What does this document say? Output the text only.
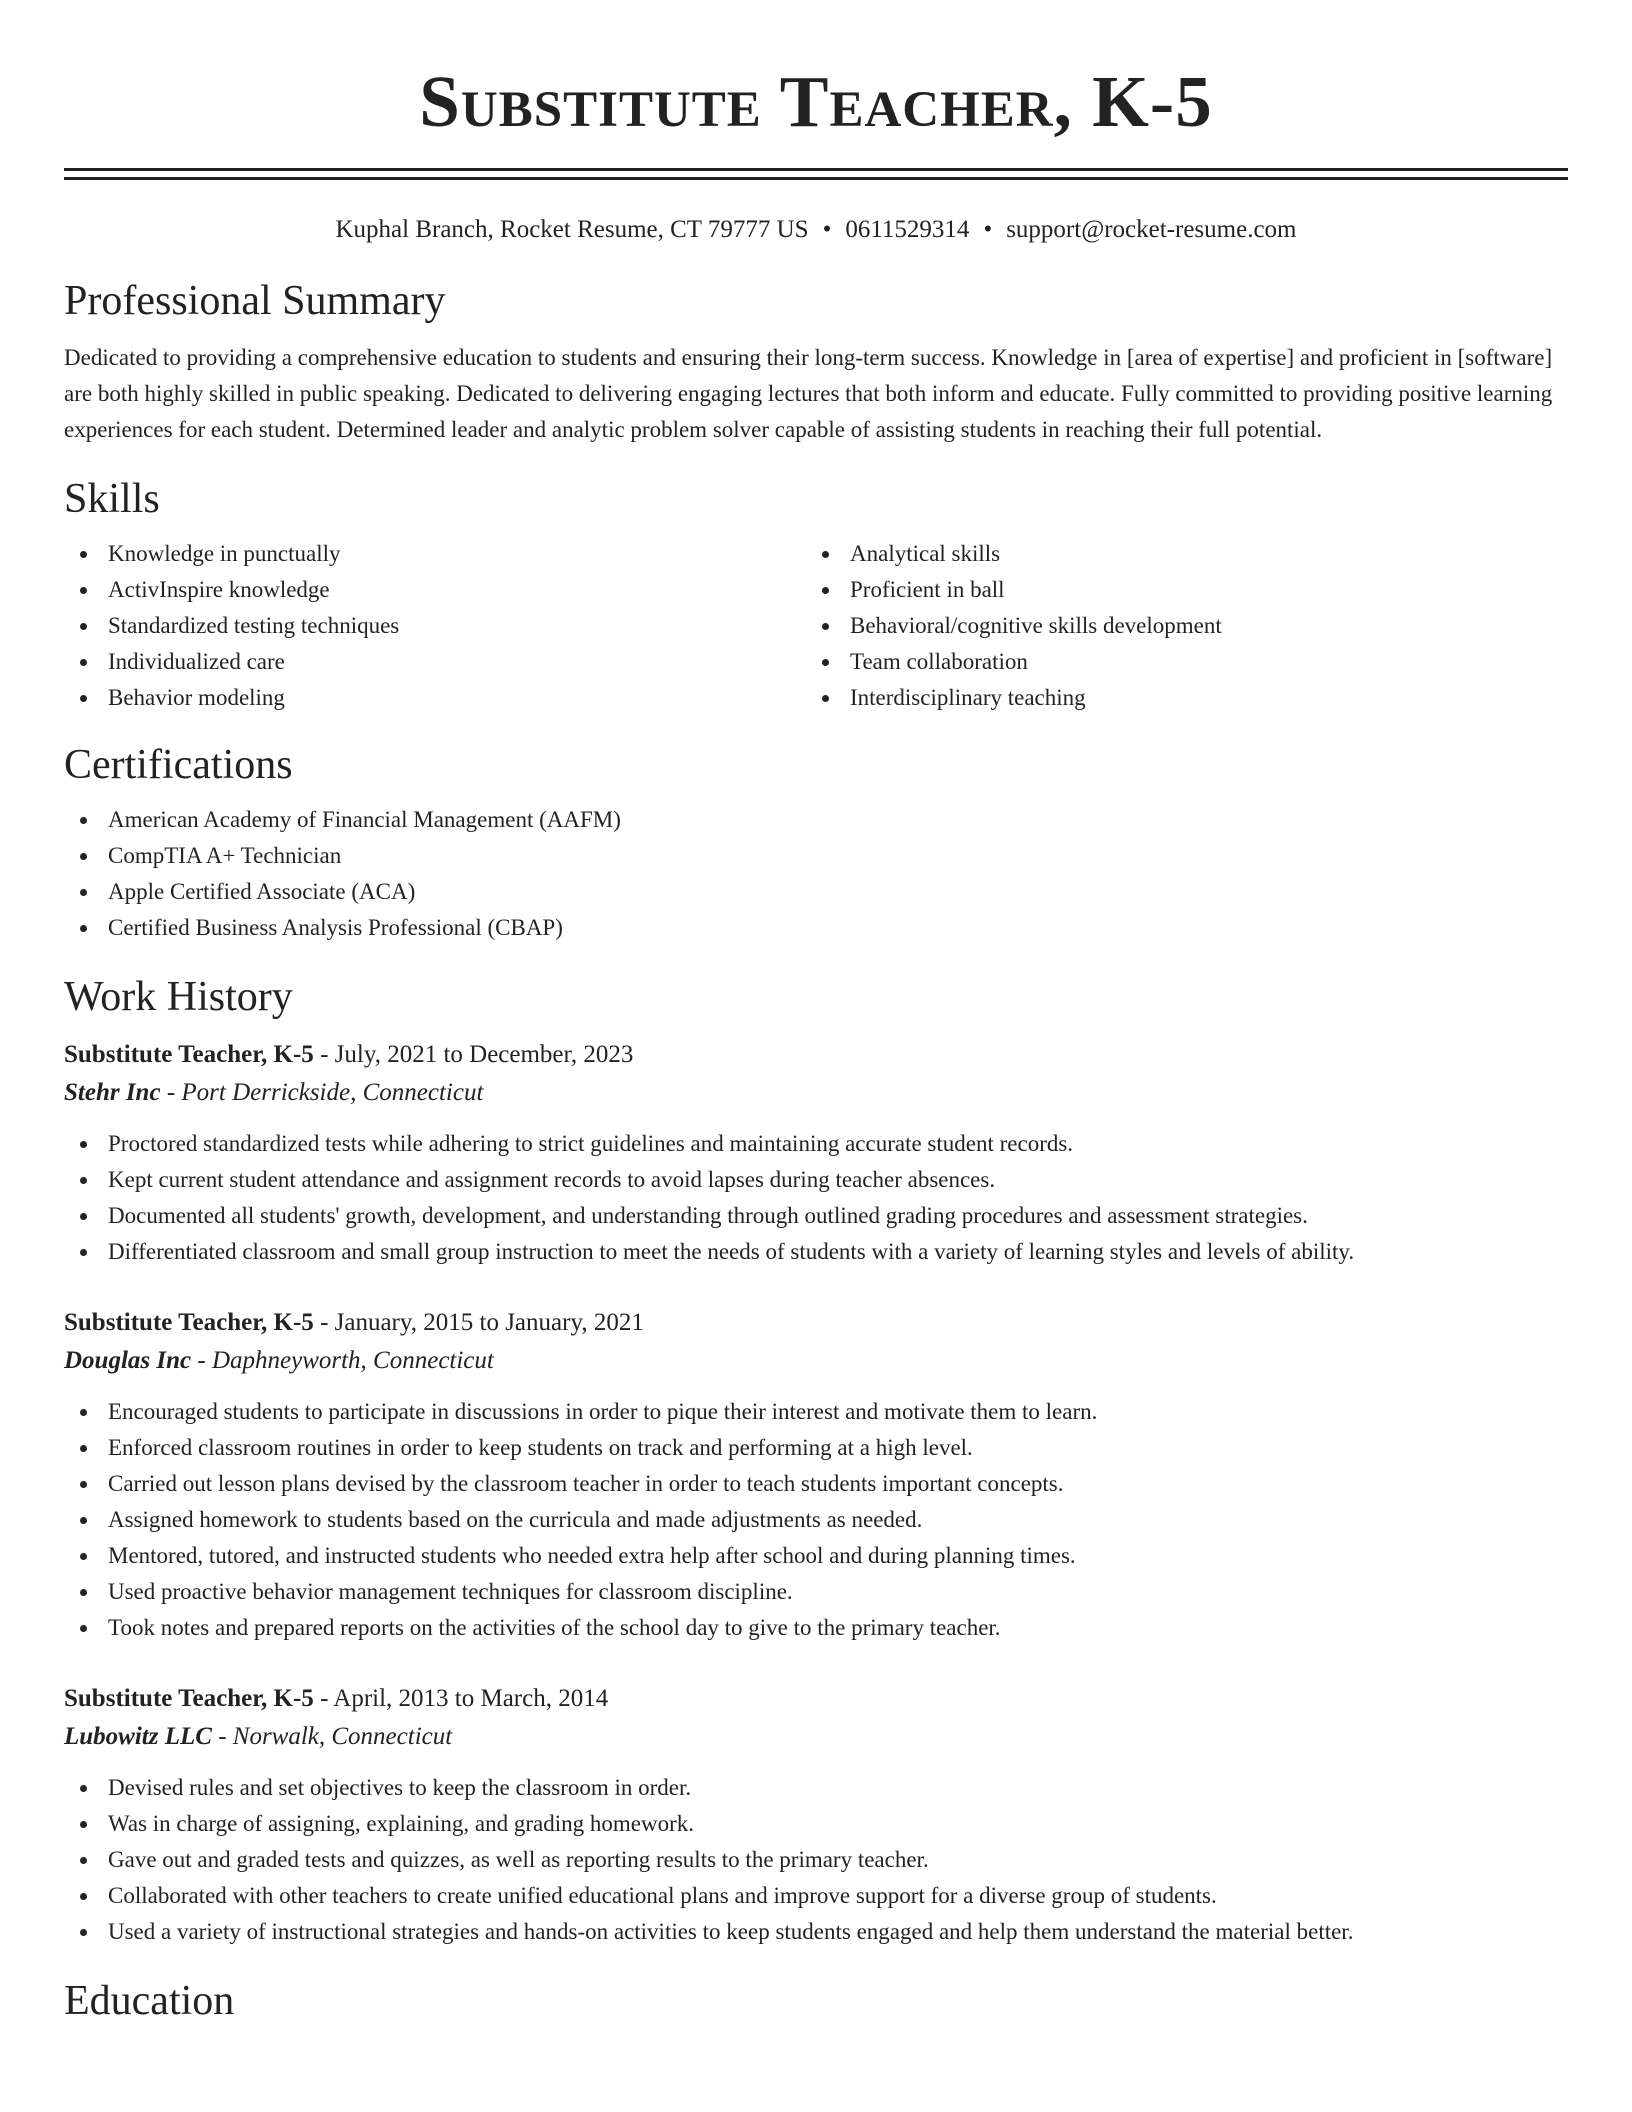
Substitute Teacher, K-5
Kuphal Branch, Rocket Resume, CT 79777 US • 0611529314 • support@rocket-resume.com
Professional Summary
Dedicated to providing a comprehensive education to students and ensuring their long-term success. Knowledge in [area of expertise] and proficient in [software] are both highly skilled in public speaking. Dedicated to delivering engaging lectures that both inform and educate. Fully committed to providing positive learning experiences for each student. Determined leader and analytic problem solver capable of assisting students in reaching their full potential.
Skills
Knowledge in punctually
ActivInspire knowledge
Standardized testing techniques
Individualized care
Behavior modeling
Analytical skills
Proficient in ball
Behavioral/cognitive skills development
Team collaboration
Interdisciplinary teaching
Certifications
American Academy of Financial Management (AAFM)
CompTIA A+ Technician
Apple Certified Associate (ACA)
Certified Business Analysis Professional (CBAP)
Work History
Substitute Teacher, K-5 - July, 2021 to December, 2023
Stehr Inc - Port Derrickside, Connecticut
Proctored standardized tests while adhering to strict guidelines and maintaining accurate student records.
Kept current student attendance and assignment records to avoid lapses during teacher absences.
Documented all students' growth, development, and understanding through outlined grading procedures and assessment strategies.
Differentiated classroom and small group instruction to meet the needs of students with a variety of learning styles and levels of ability.
Substitute Teacher, K-5 - January, 2015 to January, 2021
Douglas Inc - Daphneyworth, Connecticut
Encouraged students to participate in discussions in order to pique their interest and motivate them to learn.
Enforced classroom routines in order to keep students on track and performing at a high level.
Carried out lesson plans devised by the classroom teacher in order to teach students important concepts.
Assigned homework to students based on the curricula and made adjustments as needed.
Mentored, tutored, and instructed students who needed extra help after school and during planning times.
Used proactive behavior management techniques for classroom discipline.
Took notes and prepared reports on the activities of the school day to give to the primary teacher.
Substitute Teacher, K-5 - April, 2013 to March, 2014
Lubowitz LLC - Norwalk, Connecticut
Devised rules and set objectives to keep the classroom in order.
Was in charge of assigning, explaining, and grading homework.
Gave out and graded tests and quizzes, as well as reporting results to the primary teacher.
Collaborated with other teachers to create unified educational plans and improve support for a diverse group of students.
Used a variety of instructional strategies and hands-on activities to keep students engaged and help them understand the material better.
Education
